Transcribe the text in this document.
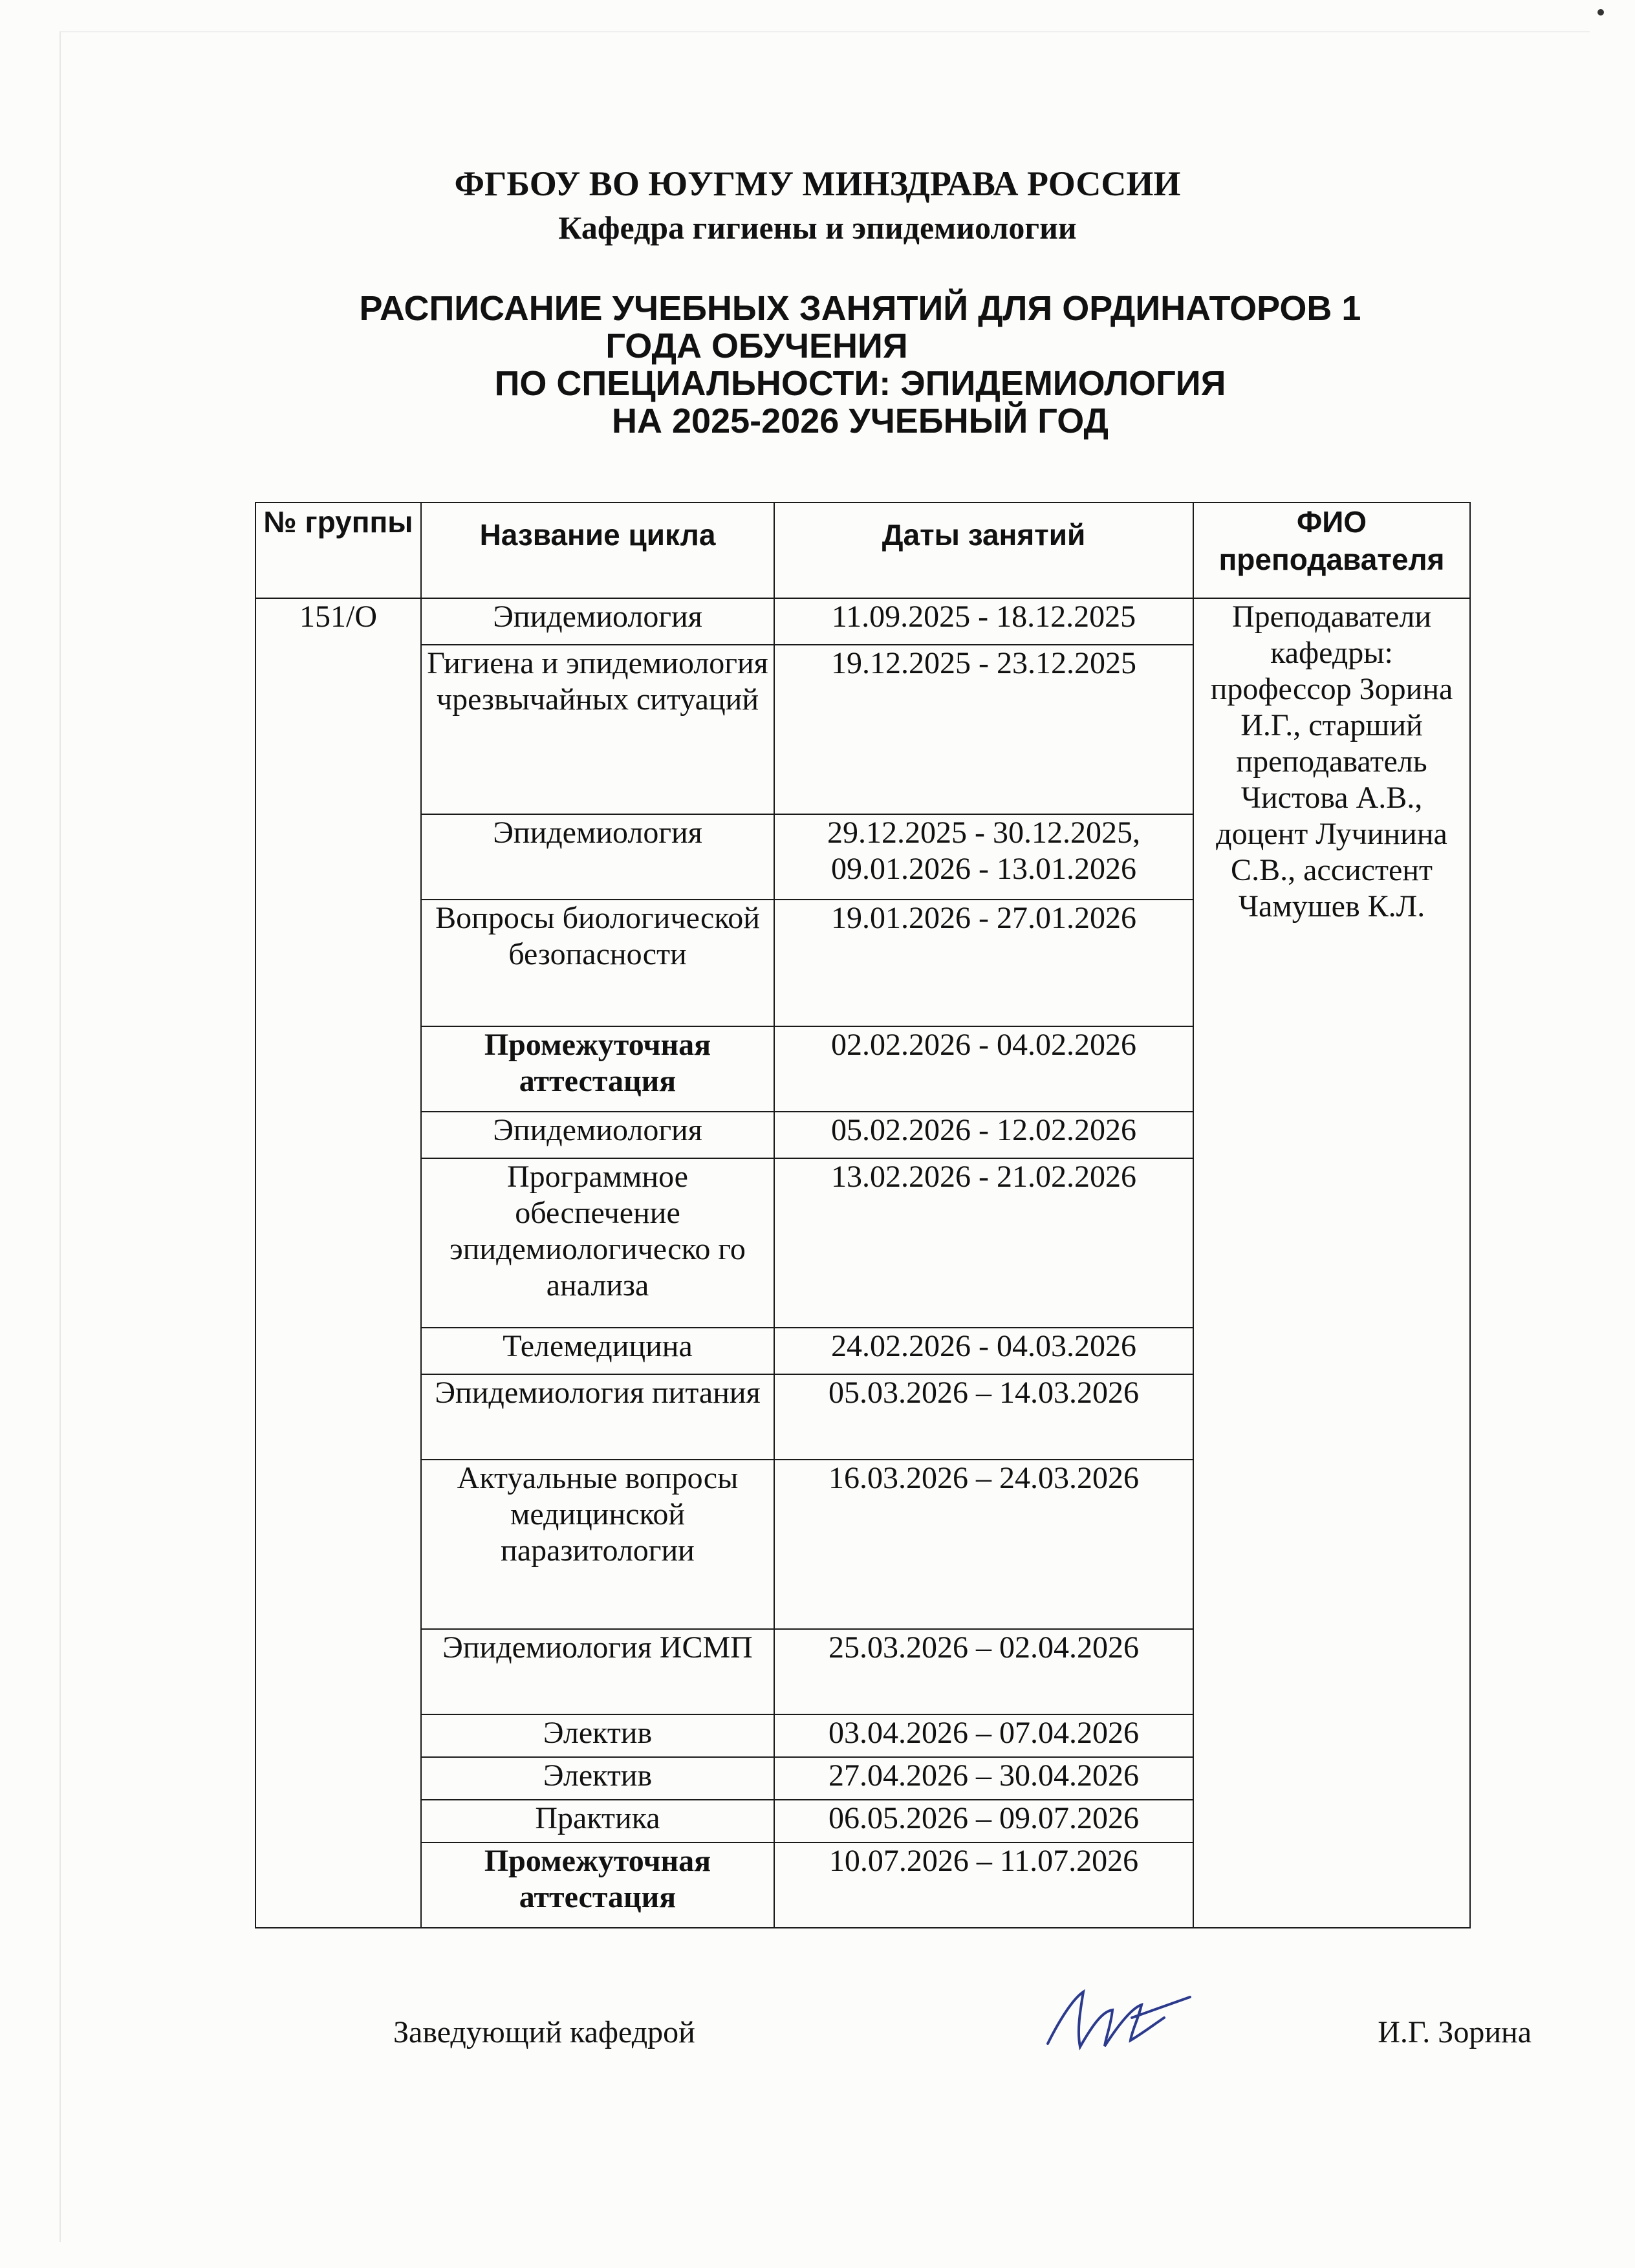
ФГБОУ ВО ЮУГМУ МИНЗДРАВА РОССИИ
Кафедра гигиены и эпидемиологии
РАСПИСАНИЕ УЧЕБНЫХ ЗАНЯТИЙ ДЛЯ ОРДИНАТОРОВ 1
ГОДА ОБУЧЕНИЯ
ПО СПЕЦИАЛЬНОСТИ: ЭПИДЕМИОЛОГИЯ
НА 2025-2026 УЧЕБНЫЙ ГОД
№ группы	Название цикла	Даты занятий	ФИО преподавателя
151/О	Эпидемиология	11.09.2025 - 18.12.2025	Преподаватели кафедры: профессор Зорина И.Г., старший преподаватель Чистова А.В., доцент Лучинина С.В., ассистент Чамушев К.Л.
	Гигиена и эпидемиология чрезвычайных ситуаций	19.12.2025 - 23.12.2025	
	Эпидемиология	29.12.2025 - 30.12.2025, 09.01.2026 - 13.01.2026	
	Вопросы биологической безопасности	19.01.2026 - 27.01.2026	
	Промежуточная аттестация	02.02.2026 - 04.02.2026	
	Эпидемиология	05.02.2026 - 12.02.2026	
	Программное обеспечение эпидемиологическо го анализа	13.02.2026 - 21.02.2026	
	Телемедицина	24.02.2026 - 04.03.2026	
	Эпидемиология питания	05.03.2026 – 14.03.2026	
	Актуальные вопросы медицинской паразитологии	16.03.2026 – 24.03.2026	
	Эпидемиология ИСМП	25.03.2026 – 02.04.2026	
	Электив	03.04.2026 – 07.04.2026	
	Электив	27.04.2026 – 30.04.2026	
	Практика	06.05.2026 – 09.07.2026	
	Промежуточная аттестация	10.07.2026 – 11.07.2026	
Заведующий кафедрой	И.Г. Зорина
